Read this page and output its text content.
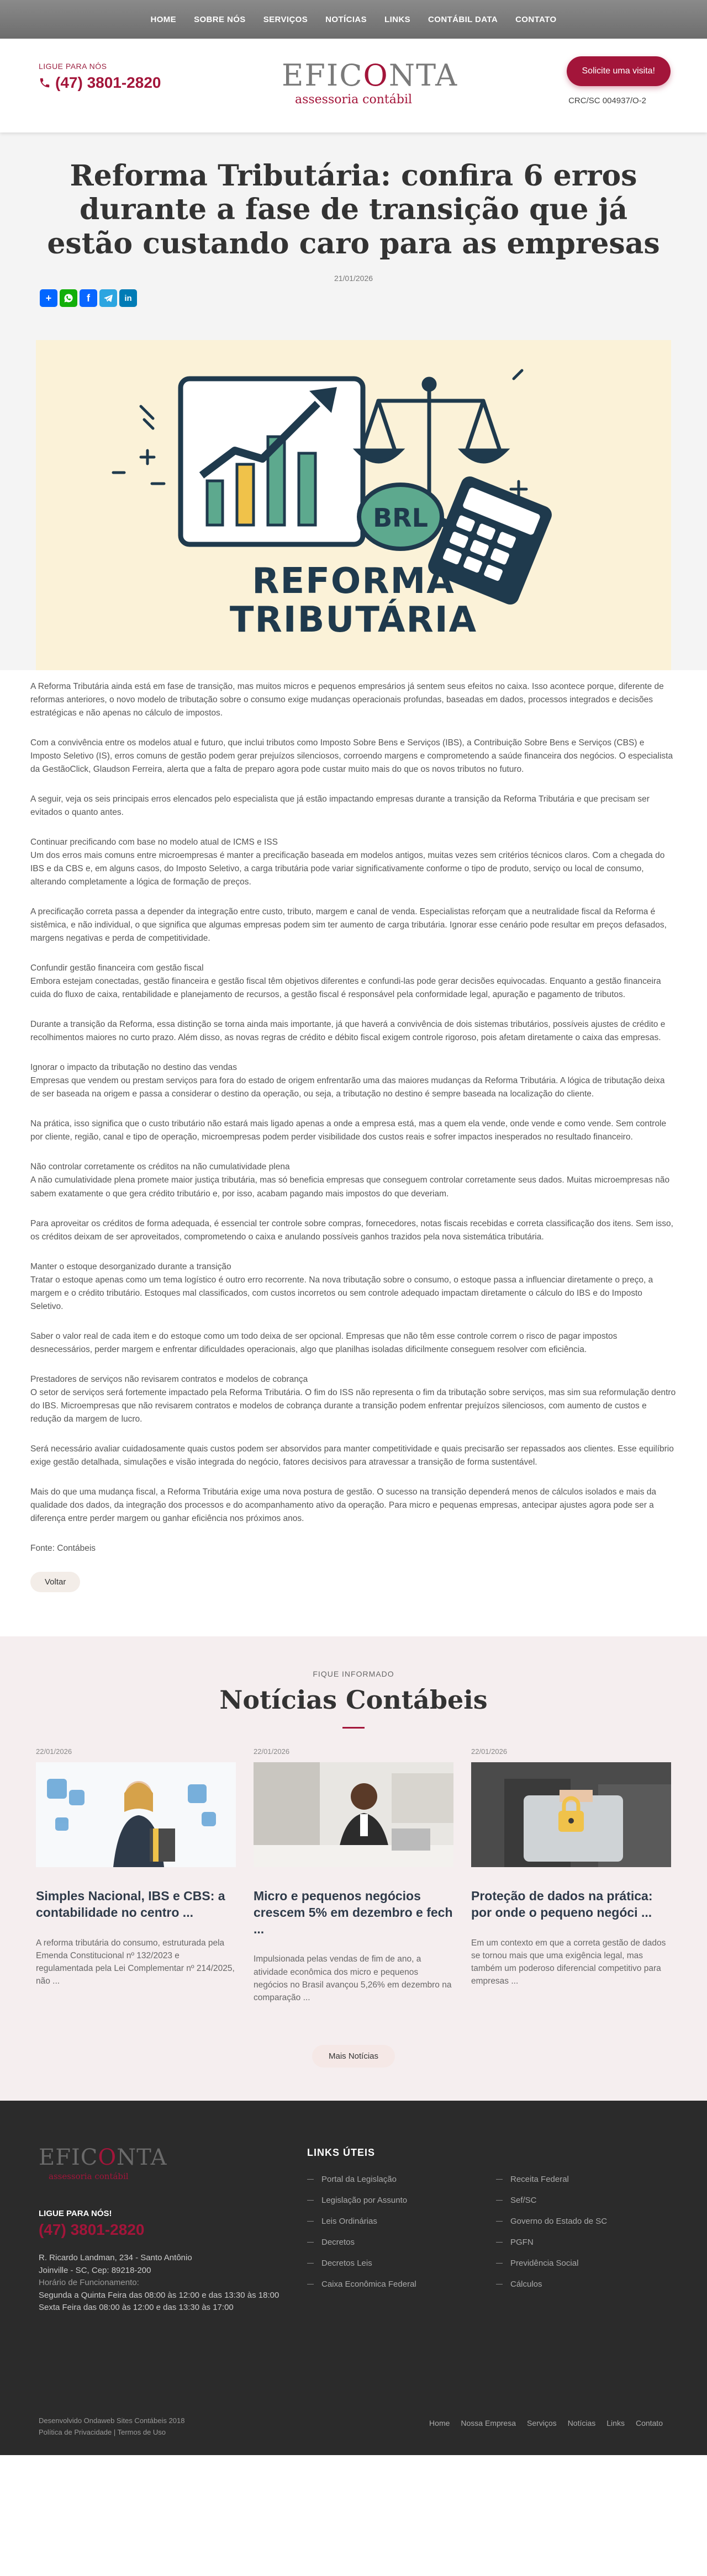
HOME	SOBRE NÓS	SERVIÇOS	NOTÍCIAS	LINKS	CONTÁBIL DATA	CONTATO
LIGUE PARA NÓS
(47) 3801-2820	EFICONTA
assessoria contábil
Solicite uma visita!
CRC/SC 004937/O-2
Reforma Tributária: confira 6 erros durante a fase de transição que já estão custando caro para as empresas
21/01/2026
+	f	in
BRL
REFORMA
TRIBUTÁRIA

A Reforma Tributária ainda está em fase de transição, mas muitos micros e pequenos empresários já sentem seus efeitos no caixa. Isso acontece porque, diferente de reformas anteriores, o novo modelo de tributação sobre o consumo exige mudanças operacionais profundas, baseadas em dados, processos integrados e decisões estratégicas e não apenas no cálculo de impostos.

Com a convivência entre os modelos atual e futuro, que inclui tributos como Imposto Sobre Bens e Serviços (IBS), a Contribuição Sobre Bens e Serviços (CBS) e Imposto Seletivo (IS), erros comuns de gestão podem gerar prejuízos silenciosos, corroendo margens e comprometendo a saúde financeira dos negócios. O especialista da GestãoClick, Glaudson Ferreira, alerta que a falta de preparo agora pode custar muito mais do que os novos tributos no futuro.

A seguir, veja os seis principais erros elencados pelo especialista que já estão impactando empresas durante a transição da Reforma Tributária e que precisam ser evitados o quanto antes.

Continuar precificando com base no modelo atual de ICMS e ISS
Um dos erros mais comuns entre microempresas é manter a precificação baseada em modelos antigos, muitas vezes sem critérios técnicos claros. Com a chegada do IBS e da CBS e, em alguns casos, do Imposto Seletivo, a carga tributária pode variar significativamente conforme o tipo de produto, serviço ou local de consumo, alterando completamente a lógica de formação de preços.

A precificação correta passa a depender da integração entre custo, tributo, margem e canal de venda. Especialistas reforçam que a neutralidade fiscal da Reforma é sistêmica, e não individual, o que significa que algumas empresas podem sim ter aumento de carga tributária. Ignorar esse cenário pode resultar em preços defasados, margens negativas e perda de competitividade.

Confundir gestão financeira com gestão fiscal
Embora estejam conectadas, gestão financeira e gestão fiscal têm objetivos diferentes e confundi-las pode gerar decisões equivocadas. Enquanto a gestão financeira cuida do fluxo de caixa, rentabilidade e planejamento de recursos, a gestão fiscal é responsável pela conformidade legal, apuração e pagamento de tributos.

Durante a transição da Reforma, essa distinção se torna ainda mais importante, já que haverá a convivência de dois sistemas tributários, possíveis ajustes de crédito e recolhimentos maiores no curto prazo. Além disso, as novas regras de crédito e débito fiscal exigem controle rigoroso, pois afetam diretamente o caixa das empresas.

Ignorar o impacto da tributação no destino das vendas
Empresas que vendem ou prestam serviços para fora do estado de origem enfrentarão uma das maiores mudanças da Reforma Tributária. A lógica de tributação deixa de ser baseada na origem e passa a considerar o destino da operação, ou seja, a tributação no destino é sempre baseada na localização do cliente.

Na prática, isso significa que o custo tributário não estará mais ligado apenas a onde a empresa está, mas a quem ela vende, onde vende e como vende. Sem controle por cliente, região, canal e tipo de operação, microempresas podem perder visibilidade dos custos reais e sofrer impactos inesperados no resultado financeiro.

Não controlar corretamente os créditos na não cumulatividade plena
A não cumulatividade plena promete maior justiça tributária, mas só beneficia empresas que conseguem controlar corretamente seus dados. Muitas microempresas não sabem exatamente o que gera crédito tributário e, por isso, acabam pagando mais impostos do que deveriam.

Para aproveitar os créditos de forma adequada, é essencial ter controle sobre compras, fornecedores, notas fiscais recebidas e correta classificação dos itens. Sem isso, os créditos deixam de ser aproveitados, comprometendo o caixa e anulando possíveis ganhos trazidos pela nova sistemática tributária.

Manter o estoque desorganizado durante a transição
Tratar o estoque apenas como um tema logístico é outro erro recorrente. Na nova tributação sobre o consumo, o estoque passa a influenciar diretamente o preço, a margem e o crédito tributário. Estoques mal classificados, com custos incorretos ou sem controle adequado impactam diretamente o cálculo do IBS e do Imposto Seletivo.

Saber o valor real de cada item e do estoque como um todo deixa de ser opcional. Empresas que não têm esse controle correm o risco de pagar impostos desnecessários, perder margem e enfrentar dificuldades operacionais, algo que planilhas isoladas dificilmente conseguem resolver com eficiência.

Prestadores de serviços não revisarem contratos e modelos de cobrança
O setor de serviços será fortemente impactado pela Reforma Tributária. O fim do ISS não representa o fim da tributação sobre serviços, mas sim sua reformulação dentro do IBS. Microempresas que não revisarem contratos e modelos de cobrança durante a transição podem enfrentar prejuízos silenciosos, com aumento de custos e redução da margem de lucro.

Será necessário avaliar cuidadosamente quais custos podem ser absorvidos para manter competitividade e quais precisarão ser repassados aos clientes. Esse equilíbrio exige gestão detalhada, simulações e visão integrada do negócio, fatores decisivos para atravessar a transição de forma sustentável.

Mais do que uma mudança fiscal, a Reforma Tributária exige uma nova postura de gestão. O sucesso na transição dependerá menos de cálculos isolados e mais da qualidade dos dados, da integração dos processos e do acompanhamento ativo da operação. Para micro e pequenas empresas, antecipar ajustes agora pode ser a diferença entre perder margem ou ganhar eficiência nos próximos anos.

Fonte: Contábeis

Voltar
FIQUE INFORMADO
Notícias Contábeis
22/01/2026
Simples Nacional, IBS e CBS: a contabilidade no centro ...
A reforma tributária do consumo, estruturada pela Emenda Constitucional nº 132/2023 e regulamentada pela Lei Complementar nº 214/2025, não ...
22/01/2026
Micro e pequenos negócios crescem 5% em dezembro e fech ...
Impulsionada pelas vendas de fim de ano, a atividade econômica dos micro e pequenos negócios no Brasil avançou 5,26% em dezembro na comparação ...
22/01/2026
Proteção de dados na prática: por onde o pequeno negóci ...
Em um contexto em que a correta gestão de dados se tornou mais que uma exigência legal, mas também um poderoso diferencial competitivo para empresas ...
Mais Notícias
EFICONTA
assessoria contábil
LIGUE PARA NÓS!
(47) 3801-2820
R. Ricardo Landman, 234 - Santo Antônio
Joinville - SC, Cep: 89218-200
Horário de Funcionamento:
Segunda a Quinta Feira das 08:00 às 12:00 e das 13:30 às 18:00
Sexta Feira das 08:00 às 12:00 e das 13:30 às 17:00
LINKS ÚTEIS
Portal da Legislação
Legislação por Assunto
Leis Ordinárias
Decretos
Decretos Leis
Caixa Econômica Federal
Receita Federal
Sef/SC
Governo do Estado de SC
PGFN
Previdência Social
Cálculos
Desenvolvido Ondaweb Sites Contábeis 2018
Política de Privacidade | Termos de Uso
Home Nossa Empresa Serviços Notícias Links Contato
